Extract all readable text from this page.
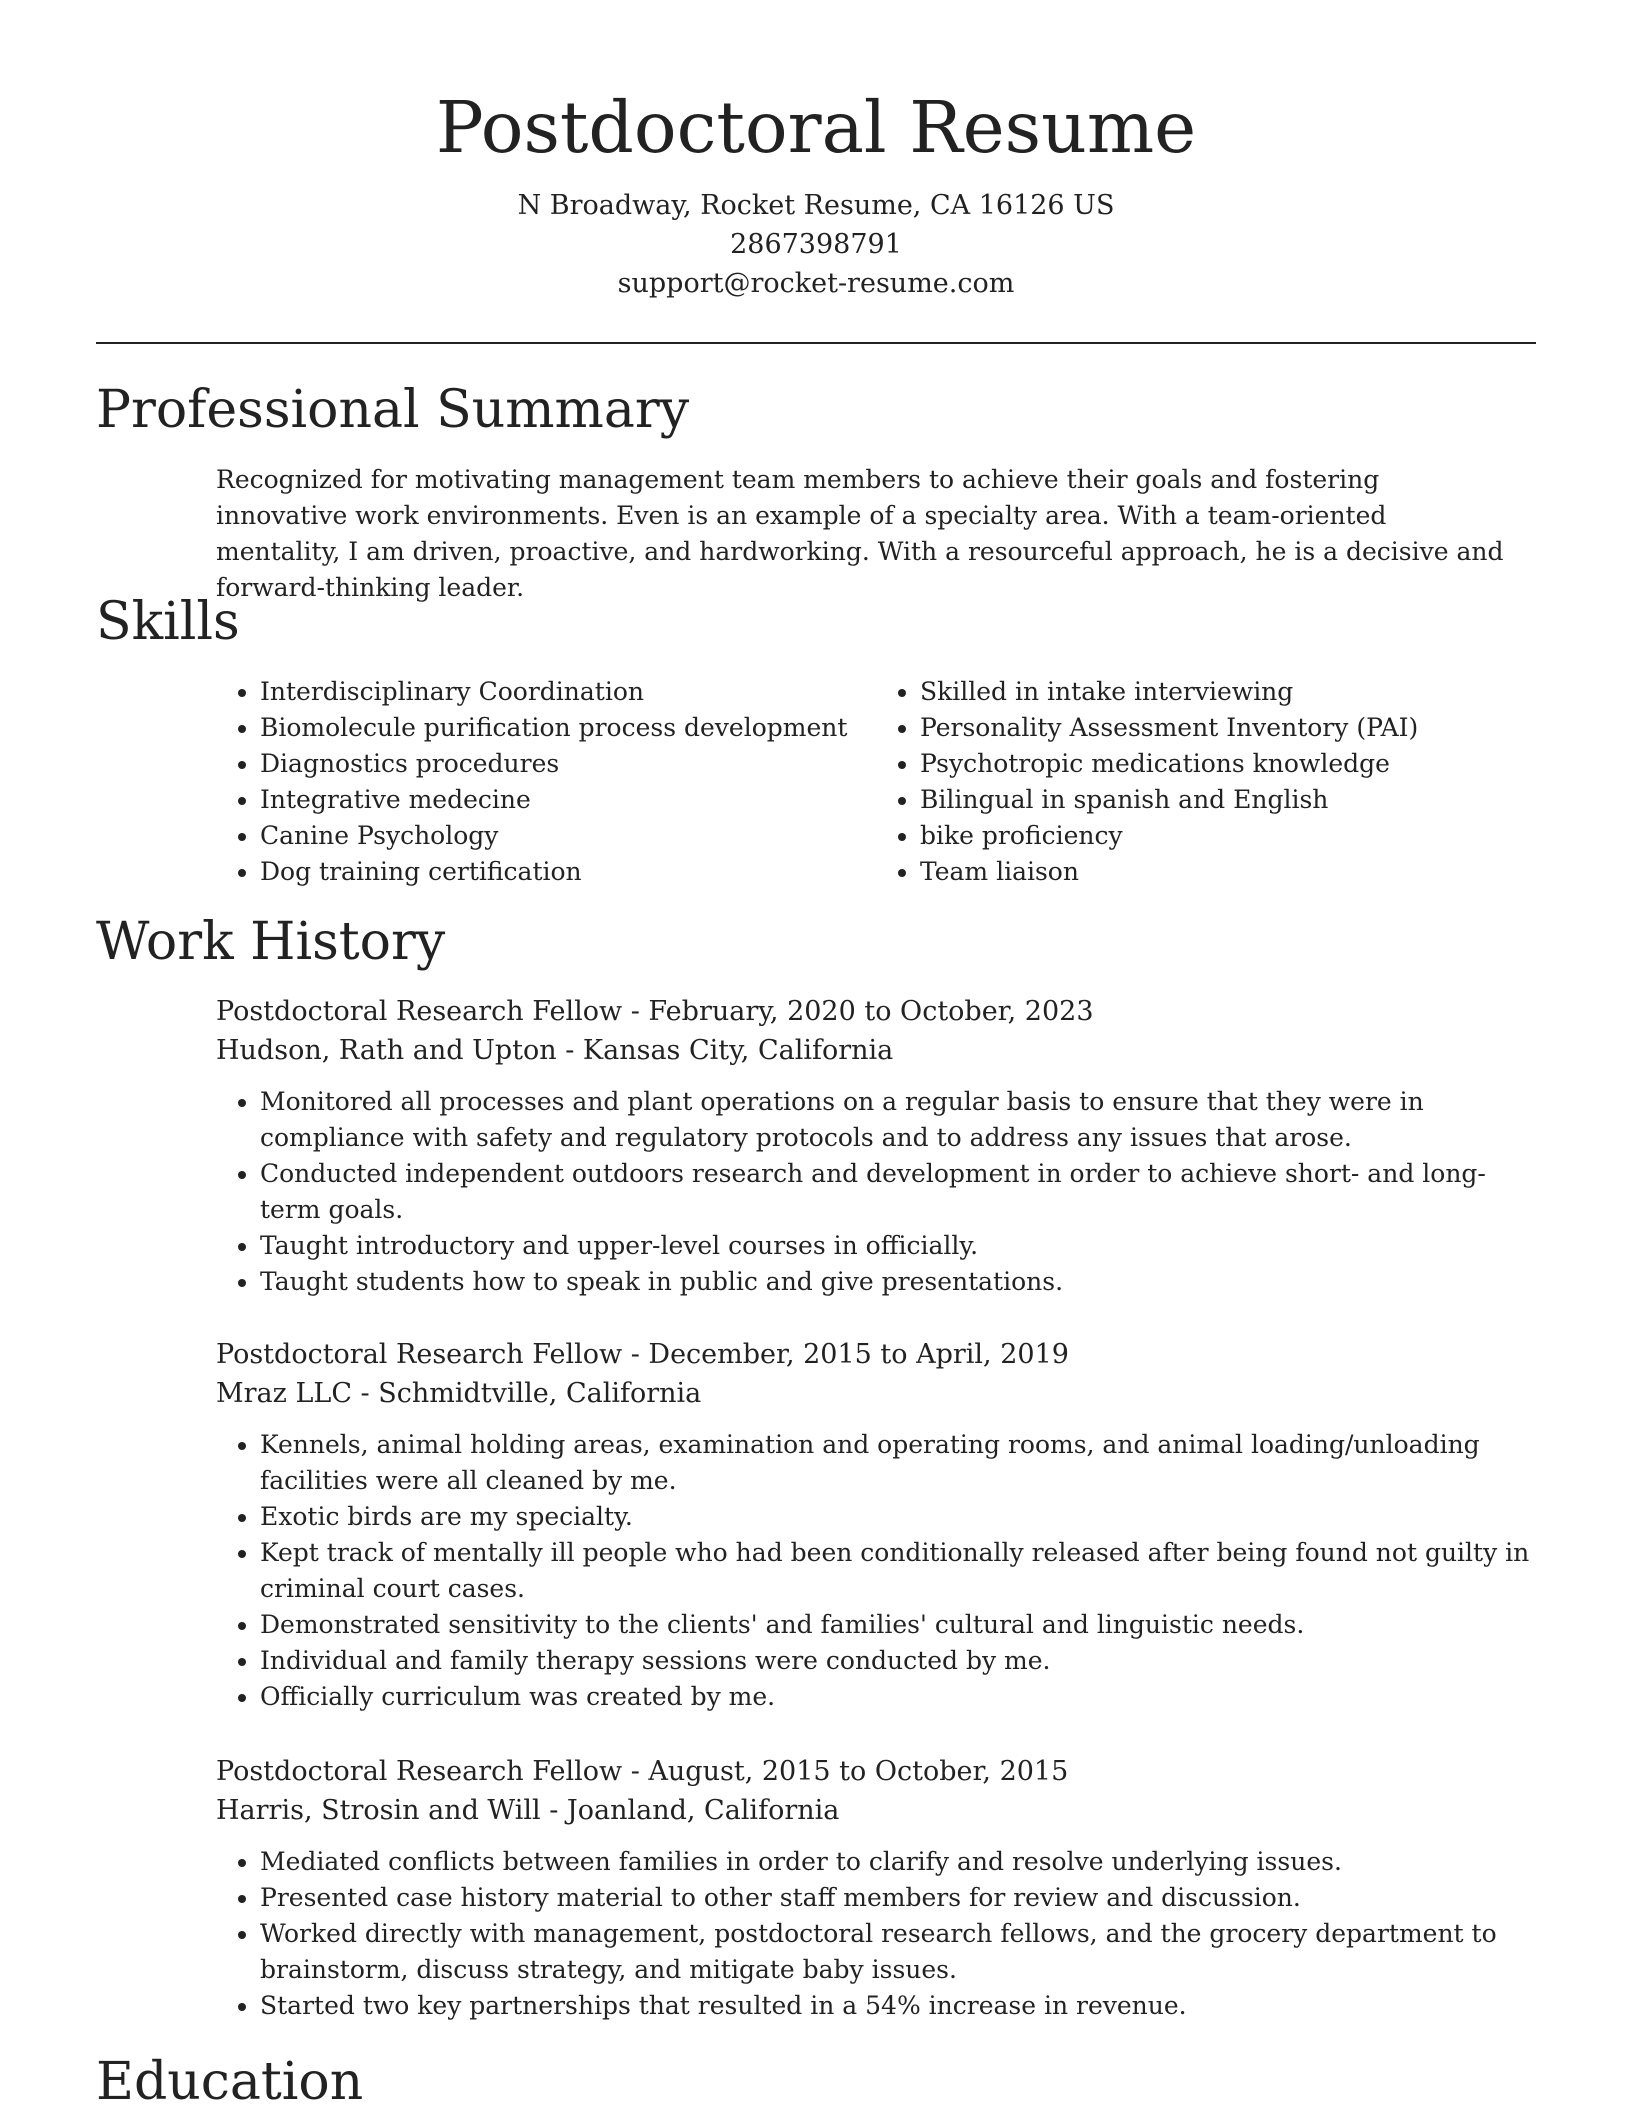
Postdoctoral Resume
N Broadway, Rocket Resume, CA 16126 US
2867398791
support@rocket-resume.com
Professional Summary

Recognized for motivating management team members to achieve their goals and fostering innovative work environments. Even is an example of a specialty area. With a team-oriented mentality, I am driven, proactive, and hardworking. With a resourceful approach, he is a decisive and forward-thinking leader.

Skills
• Interdisciplinary Coordination
• Biomolecule purification process development
• Diagnostics procedures
• Integrative medecine
• Canine Psychology
• Dog training certification
• Skilled in intake interviewing
• Personality Assessment Inventory (PAI)
• Psychotropic medications knowledge
• Bilingual in spanish and English
• bike proficiency
• Team liaison
Work History
Postdoctoral Research Fellow - February, 2020 to October, 2023
Hudson, Rath and Upton - Kansas City, California
• Monitored all processes and plant operations on a regular basis to ensure that they were in compliance with safety and regulatory protocols and to address any issues that arose.
• Conducted independent outdoors research and development in order to achieve short- and long-term goals.
• Taught introductory and upper-level courses in officially.
• Taught students how to speak in public and give presentations.
Postdoctoral Research Fellow - December, 2015 to April, 2019
Mraz LLC - Schmidtville, California
• Kennels, animal holding areas, examination and operating rooms, and animal loading/unloading facilities were all cleaned by me.
• Exotic birds are my specialty.
• Kept track of mentally ill people who had been conditionally released after being found not guilty in criminal court cases.
• Demonstrated sensitivity to the clients' and families' cultural and linguistic needs.
• Individual and family therapy sessions were conducted by me.
• Officially curriculum was created by me.
Postdoctoral Research Fellow - August, 2015 to October, 2015
Harris, Strosin and Will - Joanland, California
• Mediated conflicts between families in order to clarify and resolve underlying issues.
• Presented case history material to other staff members for review and discussion.
• Worked directly with management, postdoctoral research fellows, and the grocery department to brainstorm, discuss strategy, and mitigate baby issues.
• Started two key partnerships that resulted in a 54% increase in revenue.
Education
